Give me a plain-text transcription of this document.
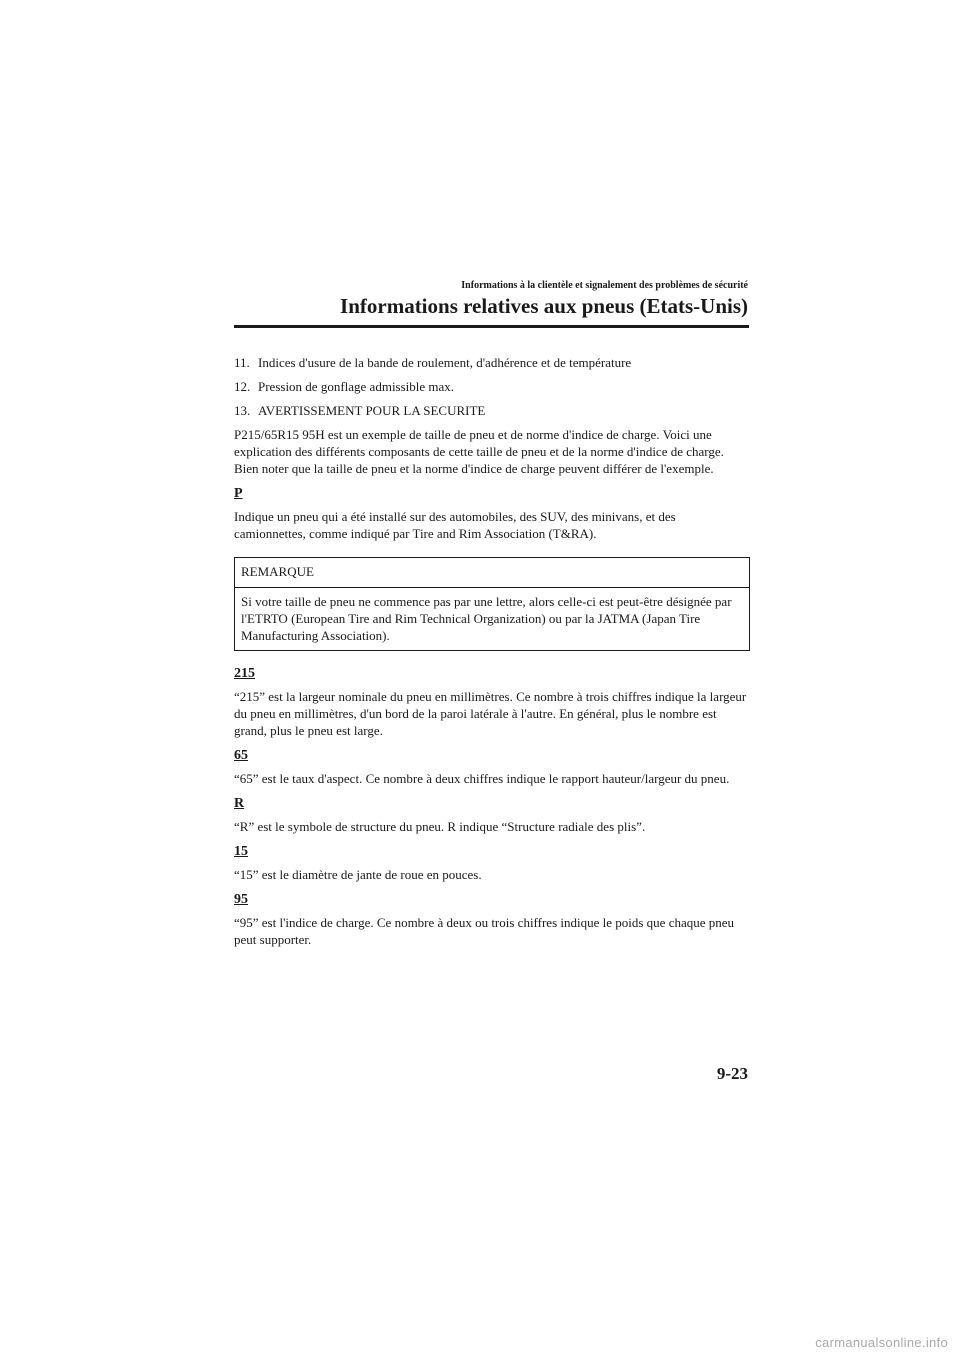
Informations à la clientèle et signalement des problèmes de sécurité
Informations relatives aux pneus (Etats-Unis)
11. Indices d'usure de la bande de roulement, d'adhérence et de température
12. Pression de gonflage admissible max.
13. AVERTISSEMENT POUR LA SECURITE

P215/65R15 95H est un exemple de taille de pneu et de norme d'indice de charge. Voici une explication des différents composants de cette taille de pneu et de la norme d'indice de charge. Bien noter que la taille de pneu et la norme d'indice de charge peuvent différer de l'exemple.

P

Indique un pneu qui a été installé sur des automobiles, des SUV, des minivans, et des camionnettes, comme indiqué par Tire and Rim Association (T&RA).

REMARQUE
Si votre taille de pneu ne commence pas par une lettre, alors celle-ci est peut-être désignée par l'ETRTO (European Tire and Rim Technical Organization) ou par la JATMA (Japan Tire Manufacturing Association).

215

“215” est la largeur nominale du pneu en millimètres. Ce nombre à trois chiffres indique la largeur du pneu en millimètres, d'un bord de la paroi latérale à l'autre. En général, plus le nombre est grand, plus le pneu est large.

65

“65” est le taux d'aspect. Ce nombre à deux chiffres indique le rapport hauteur/largeur du pneu.

R

“R” est le symbole de structure du pneu. R indique “Structure radiale des plis”.

15

“15” est le diamètre de jante de roue en pouces.

95

“95” est l'indice de charge. Ce nombre à deux ou trois chiffres indique le poids que chaque pneu peut supporter.

9-23
carmanualsonline.info
